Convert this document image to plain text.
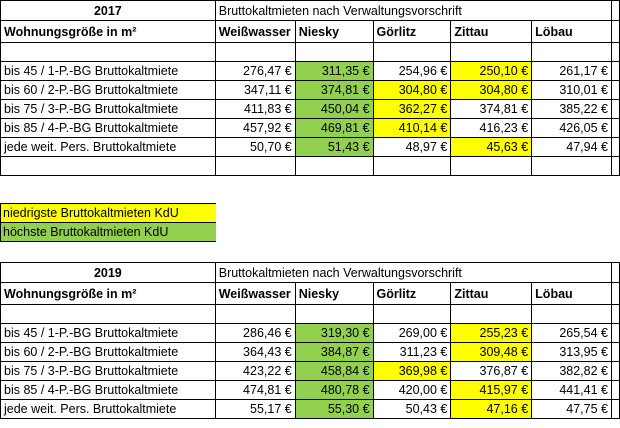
2017	Bruttokaltmieten nach Verwaltungsvorschrift					
Wohnungsgröße in m²	Weißwasser	Niesky	Görlitz	Zittau	Löbau	

bis 45 / 1-P.-BG Bruttokaltmiete	276,47 €	311,35 €	254,96 €	250,10 €	261,17 €	
bis 60 / 2-P.-BG Bruttokaltmiete	347,11 €	374,81 €	304,80 €	304,80 €	310,01 €	
bis 75 / 3-P.-BG Bruttokaltmiete	411,83 €	450,04 €	362,27 €	374,81 €	385,22 €	
bis 85 / 4-P.-BG Bruttokaltmiete	457,92 €	469,81 €	410,14 €	416,23 €	426,05 €	
jede weit. Pers. Bruttokaltmiete	50,70 €	51,43 €	48,97 €	45,63 €	47,94 €	

niedrigste Bruttokaltmieten KdU
höchste Bruttokaltmieten KdU
2019	Bruttokaltmieten nach Verwaltungsvorschrift					
Wohnungsgröße in m²	Weißwasser	Niesky	Görlitz	Zittau	Löbau	

bis 45 / 1-P.-BG Bruttokaltmiete	286,46 €	319,30 €	269,00 €	255,23 €	265,54 €	
bis 60 / 2-P.-BG Bruttokaltmiete	364,43 €	384,87 €	311,23 €	309,48 €	313,95 €	
bis 75 / 3-P.-BG Bruttokaltmiete	423,22 €	458,84 €	369,98 €	376,87 €	382,82 €	
bis 85 / 4-P.-BG Bruttokaltmiete	474,81 €	480,78 €	420,00 €	415,97 €	441,41 €	
jede weit. Pers. Bruttokaltmiete	55,17 €	55,30 €	50,43 €	47,16 €	47,75 €	
